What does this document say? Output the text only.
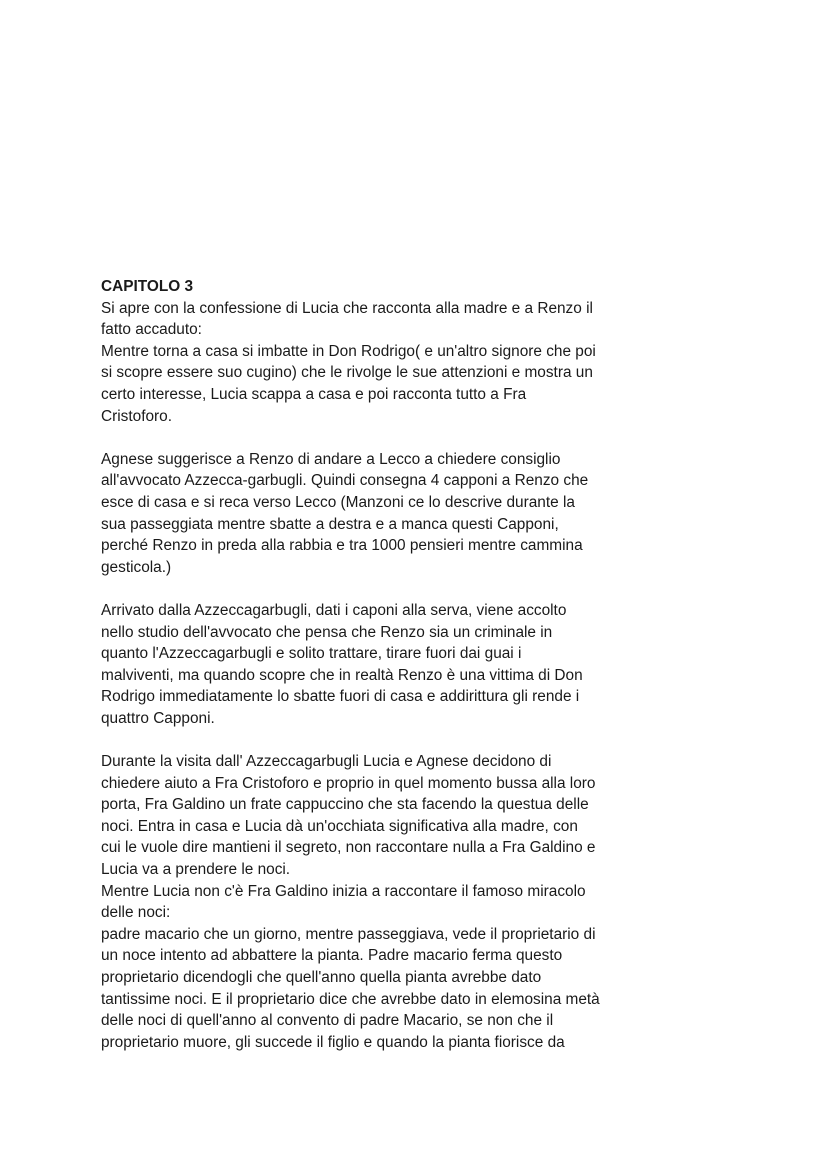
CAPITOLO 3

Si apre con la confessione di Lucia che racconta alla madre e a Renzo il
fatto accaduto:
Mentre torna a casa si imbatte in Don Rodrigo( e un'altro signore che poi
si scopre essere suo cugino) che le rivolge le sue attenzioni e mostra un
certo interesse, Lucia scappa a casa e poi racconta tutto a Fra
Cristoforo.
Agnese suggerisce a Renzo di andare a Lecco a chiedere consiglio
all'avvocato Azzecca-garbugli. Quindi consegna 4 capponi a Renzo che
esce di casa e si reca verso Lecco (Manzoni ce lo descrive durante la
sua passeggiata mentre sbatte a destra e a manca questi Capponi,
perché Renzo in preda alla rabbia e tra 1000 pensieri mentre cammina
gesticola.)
Arrivato dalla Azzeccagarbugli, dati i caponi alla serva, viene accolto
nello studio dell'avvocato che pensa che Renzo sia un criminale in
quanto l'Azzeccagarbugli e solito trattare, tirare fuori dai guai i
malviventi, ma quando scopre che in realtà Renzo è una vittima di Don
Rodrigo immediatamente lo sbatte fuori di casa e addirittura gli rende i
quattro Capponi.
Durante la visita dall' Azzeccagarbugli Lucia e Agnese decidono di
chiedere aiuto a Fra Cristoforo e proprio in quel momento bussa alla loro
porta, Fra Galdino un frate cappuccino che sta facendo la questua delle
noci. Entra in casa e Lucia dà un'occhiata significativa alla madre, con
cui le vuole dire mantieni il segreto, non raccontare nulla a Fra Galdino e
Lucia va a prendere le noci.
Mentre Lucia non c'è Fra Galdino inizia a raccontare il famoso miracolo
delle noci:
padre macario che un giorno, mentre passeggiava, vede il proprietario di
un noce intento ad abbattere la pianta. Padre macario ferma questo
proprietario dicendogli che quell'anno quella pianta avrebbe dato
tantissime noci. E il proprietario dice che avrebbe dato in elemosina metà
delle noci di quell'anno al convento di padre Macario, se non che il
proprietario muore, gli succede il figlio e quando la pianta fiorisce da
